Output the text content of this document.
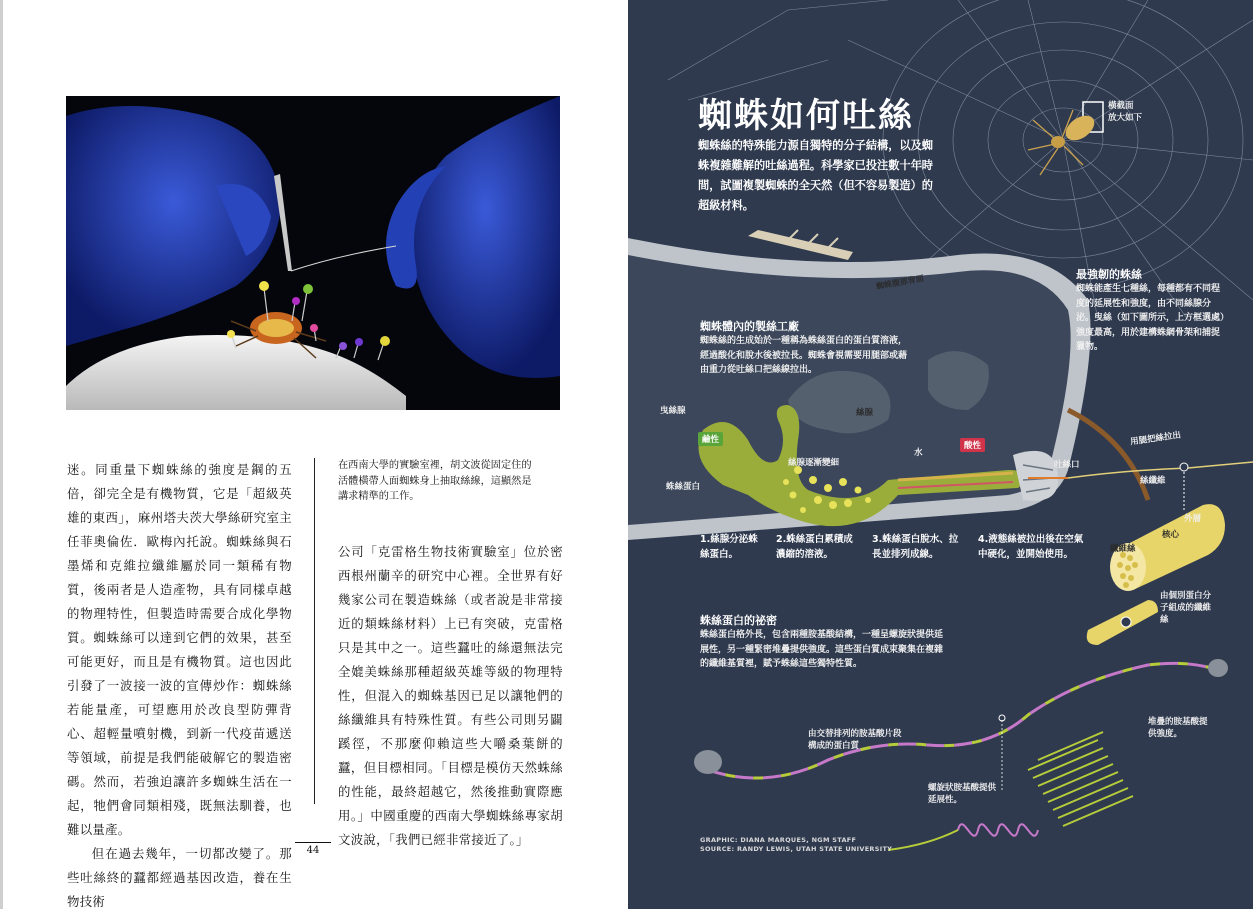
迷。同重量下蜘蛛絲的強度是鋼的五倍，卻完全是有機物質，它是「超級英雄的東西」，麻州塔夫茨大學絲研究室主任菲奧倫佐．歐梅內托說。蜘蛛絲與石墨烯和克維拉纖維屬於同一類稀有物質，後兩者是人造產物，具有同樣卓越的物理特性，但製造時需要合成化學物質。蜘蛛絲可以達到它們的效果，甚至可能更好，而且是有機物質。這也因此引發了一波接一波的宣傳炒作：蜘蛛絲若能量產，可望應用於改良型防彈背心、超輕量噴射機，到新一代疫苗遞送等領域，前提是我們能破解它的製造密碼。然而，若強迫讓許多蜘蛛生活在一起，牠們會同類相殘，既無法馴養，也難以量產。

但在過去幾年，一切都改變了。那些吐絲終的蠶都經過基因改造，養在生物技術

在西南大學的實驗室裡，胡文波從固定住的活體橫帶人面蜘蛛身上抽取絲線，這顯然是講求精準的工作。
公司「克雷格生物技術實驗室」位於密西根州蘭辛的研究中心裡。全世界有好幾家公司在製造蛛絲（或者說是非常接近的類蛛絲材料）上已有突破，克雷格只是其中之一。這些蠶吐的絲還無法完全媲美蛛絲那種超級英雄等級的物理特性，但混入的蜘蛛基因已足以讓牠們的絲纖維具有特殊性質。有些公司則另闢蹊徑，不那麼仰賴這些大嚼桑葉餅的蠶，但目標相同。「目標是模仿天然蛛絲的性能，最終超越它，然後推動實際應用。」中國重慶的西南大學蜘蛛絲專家胡文波說，「我們已經非常接近了。」
44
蜘蛛如何吐絲
蜘蛛絲的特殊能力源自獨特的分子結構，以及蜘蛛複雜難解的吐絲過程。科學家已投注數十年時間，試圖複製蜘蛛的全天然（但不容易製造）的超級材料。
橫截面
放大如下
蜘蛛腹部背面
蜘蛛體內的製絲工廠
蜘蛛絲的生成始於一種稱為蛛絲蛋白的蛋白質溶液，經過酸化和脫水後被拉長。蜘蛛會視需要用腿部或藉由重力從吐絲口把絲線拉出。
最強韌的蛛絲
蜘蛛能產生七種絲，每種都有不同程度的延展性和強度，由不同絲腺分泌。曳絲（如下圖所示，上方框選處）強度最高，用於建構蛛網骨架和捕捉獵物。
曳絲腺	絲腺
鹼性
酸性
蛛絲蛋白
絲腺逐漸變細
水
吐絲口
用腿把絲拉出
絲纖維
外層
核心
纖維絲
由個別蛋白分子組成的纖維絲
1.絲腺分泌蛛絲蛋白。
2.蛛絲蛋白累積成濃縮的溶液。
3.蛛絲蛋白脫水、拉長並排列成線。
4.液態絲被拉出後在空氣中硬化，並開始使用。
蛛絲蛋白的祕密
蛛絲蛋白格外長，包含兩種胺基酸結構，一種呈螺旋狀提供延展性，另一種緊密堆疊提供強度。這些蛋白質成束聚集在複雜的纖維基質裡，賦予蛛絲這些獨特性質。
由交替排列的胺基酸片段構成的蛋白質
堆疊的胺基酸提供強度。
螺旋狀胺基酸提供延展性。
GRAPHIC: DIANA MARQUES, NGM STAFF
SOURCE: RANDY LEWIS, UTAH STATE UNIVERSITY
